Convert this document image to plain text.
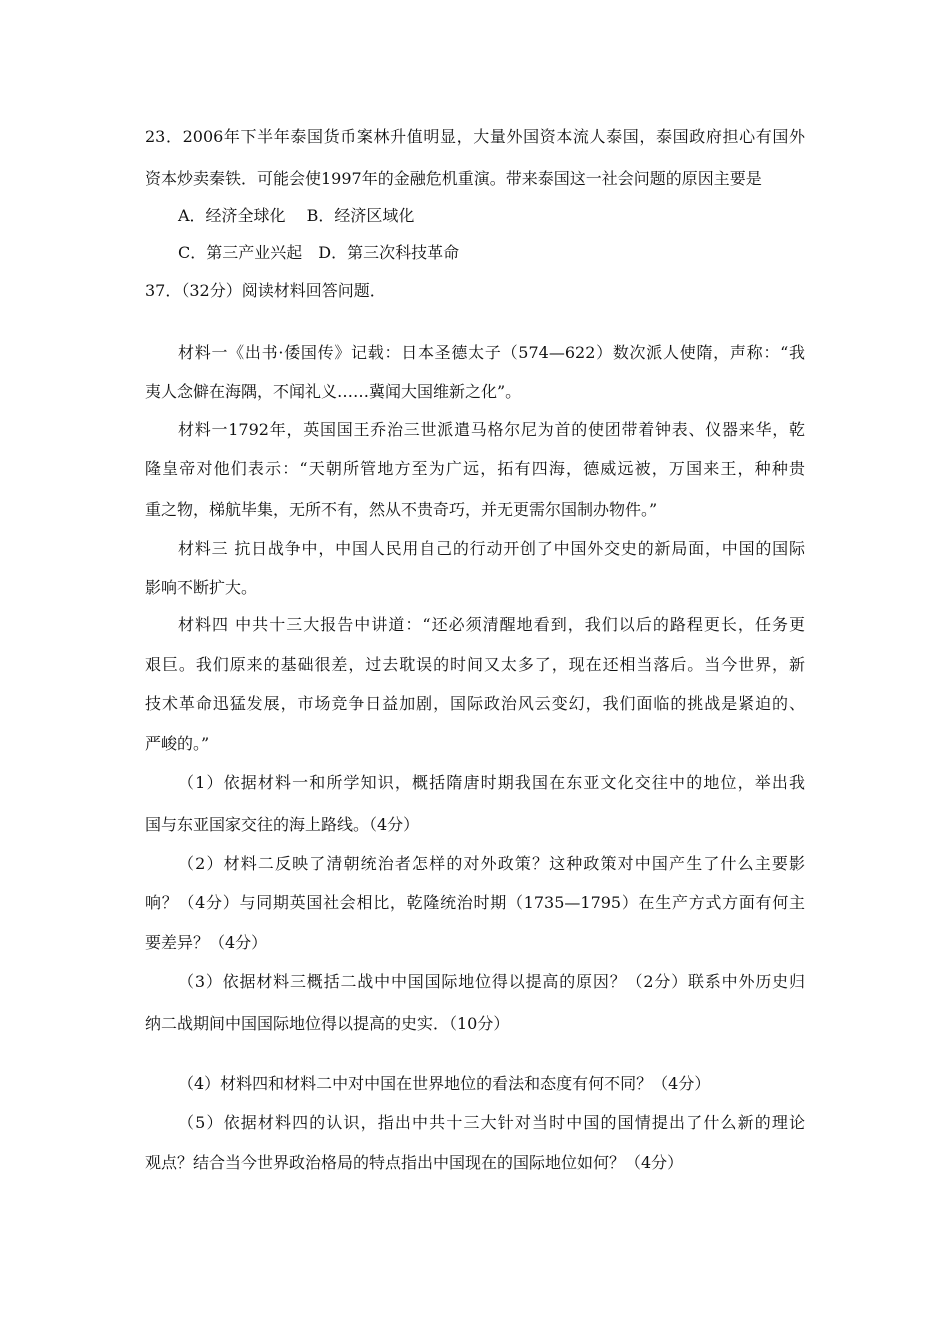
23．2006年下半年泰国货币案林升值明显，大量外国资本流人泰国，泰国政府担心有国外
资本炒卖秦铁．可能会使1997年的金融危机重演。带来泰国这一社会问题的原因主要是
A．经济全球化　 B．经济区域化
C．第三产业兴起　D．第三次科技革命
37．（32分）阅读材料回答问题．
材料一《出书·倭国传》记载：日本圣德太子（574—622）数次派人使隋，声称：“我
夷人念僻在海隅，不闻礼义……冀闻大国维新之化”。
材料一1792年，英国国王乔治三世派遣马格尔尼为首的使团带着钟表、仪器来华，乾
隆皇帝对他们表示：“天朝所管地方至为广远，拓有四海，德威远被，万国来王，种种贵
重之物，梯航毕集，无所不有，然从不贵奇巧，并无更需尔国制办物件。”
材料三 抗日战争中，中国人民用自己的行动开创了中国外交史的新局面，中国的国际
影响不断扩大。
材料四 中共十三大报告中讲道：“还必须清醒地看到，我们以后的路程更长，任务更
艰巨。我们原来的基础很差，过去耽误的时间又太多了，现在还相当落后。当今世界，新
技术革命迅猛发展，市场竞争日益加剧，国际政治风云变幻，我们面临的挑战是紧迫的、
严峻的。”
（1）依据材料一和所学知识，概括隋唐时期我国在东亚文化交往中的地位，举出我
国与东亚国家交往的海上路线。（4分）
（2）材料二反映了清朝统治者怎样的对外政策？这种政策对中国产生了什么主要影
响？（4分）与同期英国社会相比，乾隆统治时期（1735—1795）在生产方式方面有何主
要差异？（4分）
（3）依据材料三概括二战中中国国际地位得以提高的原因？（2分）联系中外历史归
纳二战期间中国国际地位得以提高的史实．（10分）
（4）材料四和材料二中对中国在世界地位的看法和态度有何不同？（4分）
（5）依据材料四的认识，指出中共十三大针对当时中国的国情提出了什么新的理论
观点？结合当今世界政治格局的特点指出中国现在的国际地位如何？（4分）
